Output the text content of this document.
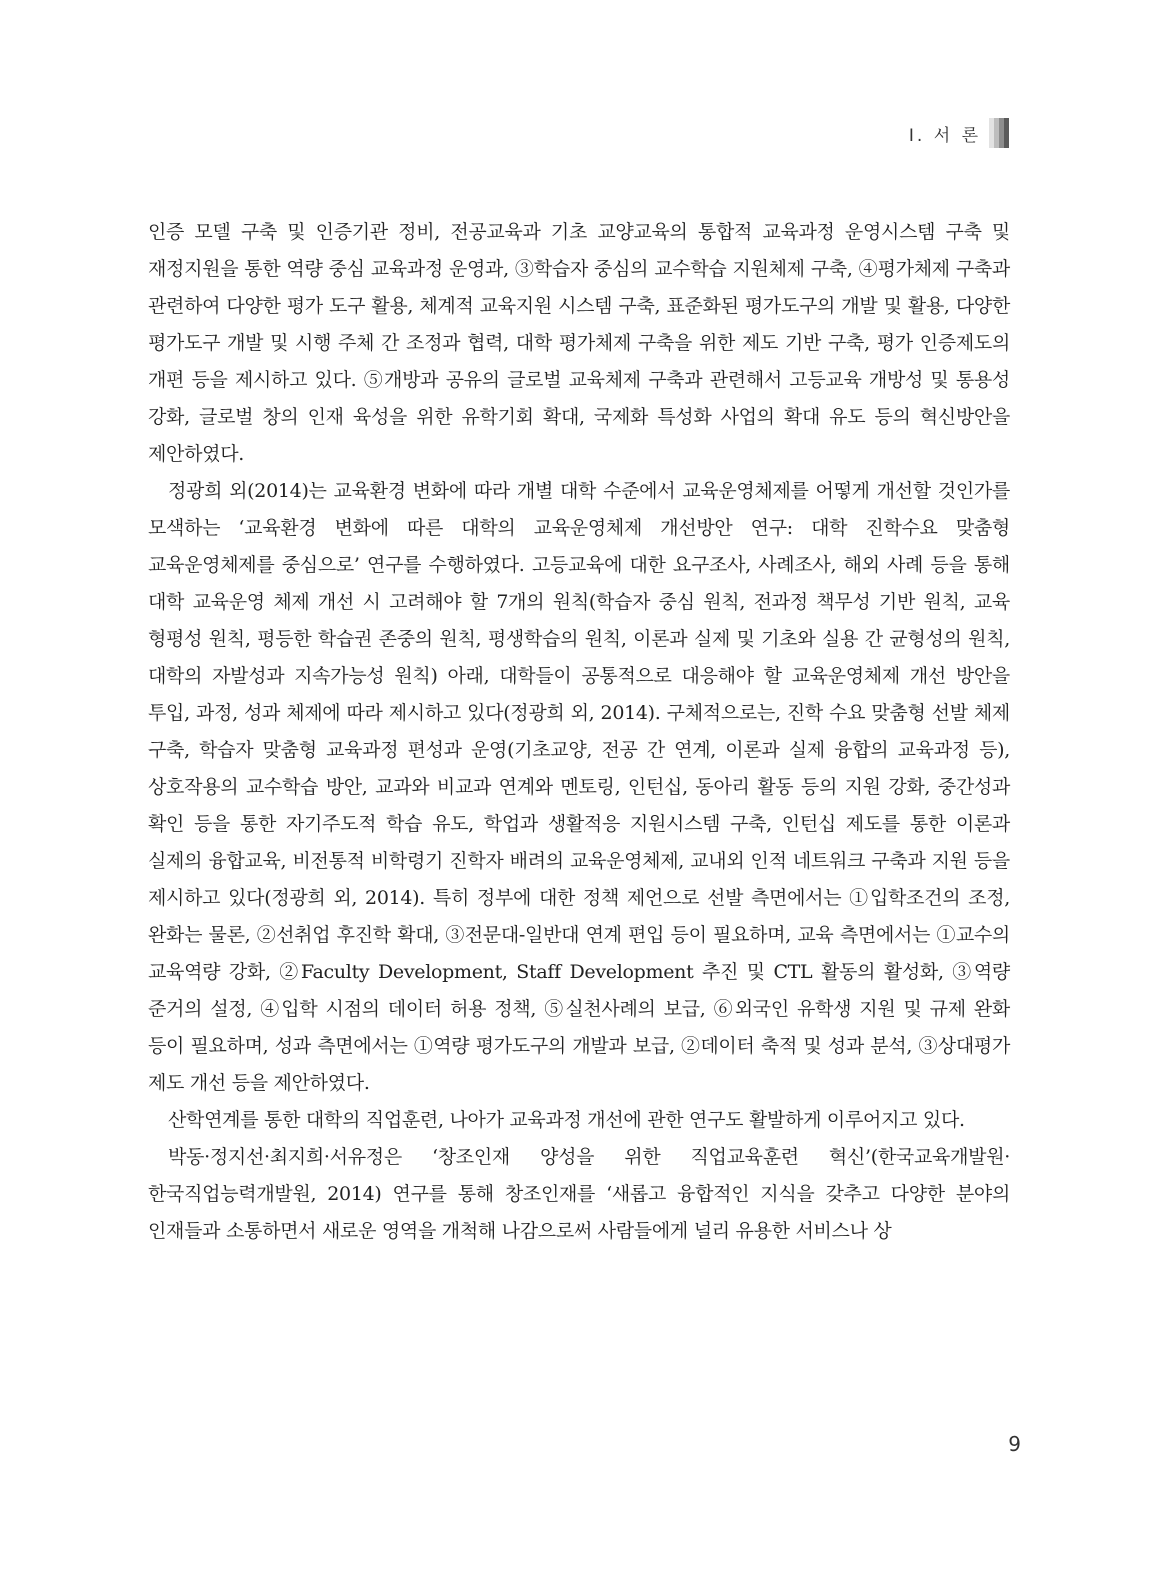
Ⅰ. 서 론

인증 모델 구축 및 인증기관 정비, 전공교육과 기초 교양교육의 통합적 교육과정 운영시스템 구축 및 재정지원을 통한 역량 중심 교육과정 운영과, ③학습자 중심의 교수학습 지원체제 구축, ④평가체제 구축과 관련하여 다양한 평가 도구 활용, 체계적 교육지원 시스템 구축, 표준화된 평가도구의 개발 및 활용, 다양한 평가도구 개발 및 시행 주체 간 조정과 협력, 대학 평가체제 구축을 위한 제도 기반 구축, 평가 인증제도의 개편 등을 제시하고 있다. ⑤개방과 공유의 글로벌 교육체제 구축과 관련해서 고등교육 개방성 및 통용성 강화, 글로벌 창의 인재 육성을 위한 유학기회 확대, 국제화 특성화 사업의 확대 유도 등의 혁신방안을 제안하였다.

정광희 외(2014)는 교육환경 변화에 따라 개별 대학 수준에서 교육운영체제를 어떻게 개선할 것인가를 모색하는 ‘교육환경 변화에 따른 대학의 교육운영체제 개선방안 연구: 대학 진학수요 맞춤형 교육운영체제를 중심으로’ 연구를 수행하였다. 고등교육에 대한 요구조사, 사례조사, 해외 사례 등을 통해 대학 교육운영 체제 개선 시 고려해야 할 7개의 원칙(학습자 중심 원칙, 전과정 책무성 기반 원칙, 교육 형평성 원칙, 평등한 학습권 존중의 원칙, 평생학습의 원칙, 이론과 실제 및 기초와 실용 간 균형성의 원칙, 대학의 자발성과 지속가능성 원칙) 아래, 대학들이 공통적으로 대응해야 할 교육운영체제 개선 방안을 투입, 과정, 성과 체제에 따라 제시하고 있다(정광희 외, 2014). 구체적으로는, 진학 수요 맞춤형 선발 체제 구축, 학습자 맞춤형 교육과정 편성과 운영(기초교양, 전공 간 연계, 이론과 실제 융합의 교육과정 등), 상호작용의 교수학습 방안, 교과와 비교과 연계와 멘토링, 인턴십, 동아리 활동 등의 지원 강화, 중간성과 확인 등을 통한 자기주도적 학습 유도, 학업과 생활적응 지원시스템 구축, 인턴십 제도를 통한 이론과 실제의 융합교육, 비전통적 비학령기 진학자 배려의 교육운영체제, 교내외 인적 네트워크 구축과 지원 등을 제시하고 있다(정광희 외, 2014). 특히 정부에 대한 정책 제언으로 선발 측면에서는 ①입학조건의 조정, 완화는 물론, ②선취업 후진학 확대, ③전문대-일반대 연계 편입 등이 필요하며, 교육 측면에서는 ①교수의 교육역량 강화, ②Faculty Development, Staff Development 추진 및 CTL 활동의 활성화, ③역량 준거의 설정, ④입학 시점의 데이터 허용 정책, ⑤실천사례의 보급, ⑥외국인 유학생 지원 및 규제 완화 등이 필요하며, 성과 측면에서는 ①역량 평가도구의 개발과 보급, ②데이터 축적 및 성과 분석, ③상대평가 제도 개선 등을 제안하였다.

산학연계를 통한 대학의 직업훈련, 나아가 교육과정 개선에 관한 연구도 활발하게 이루어지고 있다.

박동·정지선·최지희·서유정은 ‘창조인재 양성을 위한 직업교육훈련 혁신’(한국교육개발원·한국직업능력개발원, 2014) 연구를 통해 창조인재를 ‘새롭고 융합적인 지식을 갖추고 다양한 분야의 인재들과 소통하면서 새로운 영역을 개척해 나감으로써 사람들에게 널리 유용한 서비스나 상

9
